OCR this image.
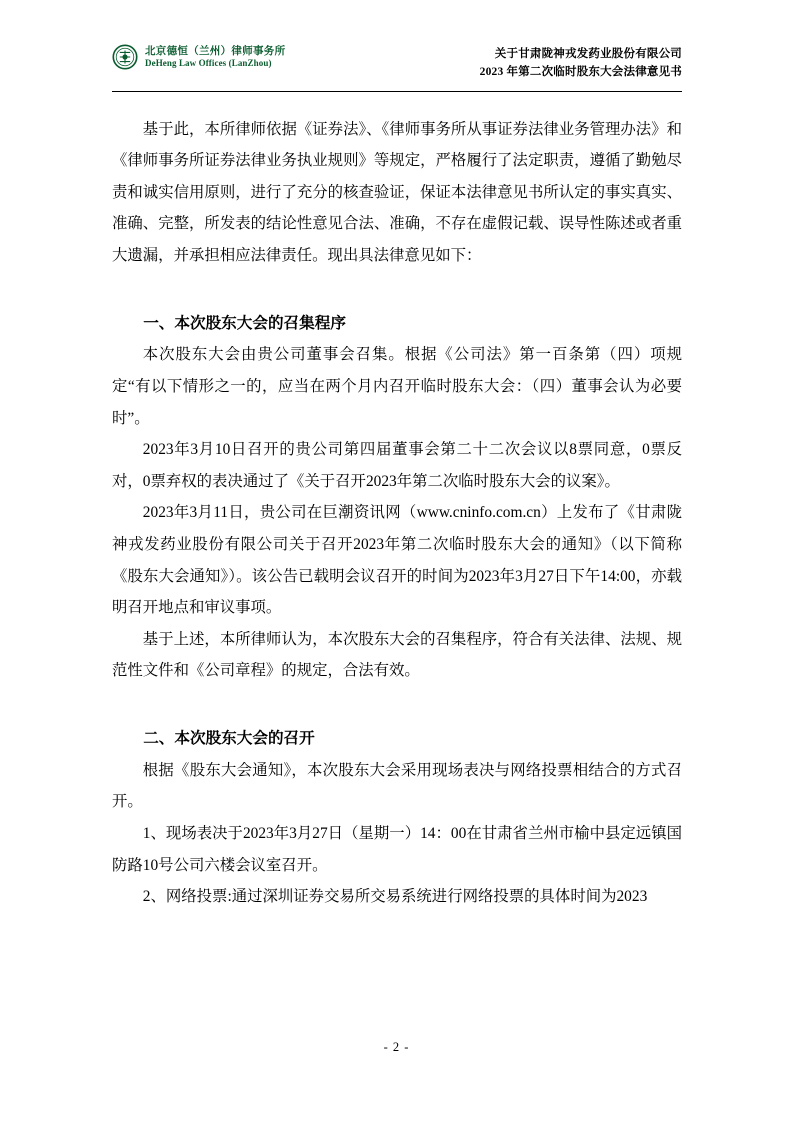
北京德恒（兰州）律师事务所
DeHeng Law Offices (LanZhou)
关于甘肃陇神戎发药业股份有限公司
2023 年第二次临时股东大会法律意见书

基于此，本所律师依据《证券法》、《律师事务所从事证券法律业务管理办法》和《律师事务所证券法律业务执业规则》等规定，严格履行了法定职责，遵循了勤勉尽责和诚实信用原则，进行了充分的核查验证，保证本法律意见书所认定的事实真实、准确、完整，所发表的结论性意见合法、准确，不存在虚假记载、误导性陈述或者重大遗漏，并承担相应法律责任。现出具法律意见如下：

一、本次股东大会的召集程序

本次股东大会由贵公司董事会召集。根据《公司法》第一百条第（四）项规定“有以下情形之一的，应当在两个月内召开临时股东大会：（四）董事会认为必要时”。

2023年3月10日召开的贵公司第四届董事会第二十二次会议以8票同意，0票反对，0票弃权的表决通过了《关于召开2023年第二次临时股东大会的议案》。

2023年3月11日，贵公司在巨潮资讯网（www.cninfo.com.cn）上发布了《甘肃陇神戎发药业股份有限公司关于召开2023年第二次临时股东大会的通知》（以下简称《股东大会通知》）。该公告已载明会议召开的时间为2023年3月27日下午14:00，亦载明召开地点和审议事项。

基于上述，本所律师认为，本次股东大会的召集程序，符合有关法律、法规、规范性文件和《公司章程》的规定，合法有效。

二、本次股东大会的召开

根据《股东大会通知》，本次股东大会采用现场表决与网络投票相结合的方式召开。

1、现场表决于2023年3月27日（星期一）14：00在甘肃省兰州市榆中县定远镇国防路10号公司六楼会议室召开。

2、网络投票:通过深圳证券交易所交易系统进行网络投票的具体时间为2023

- 2 -
